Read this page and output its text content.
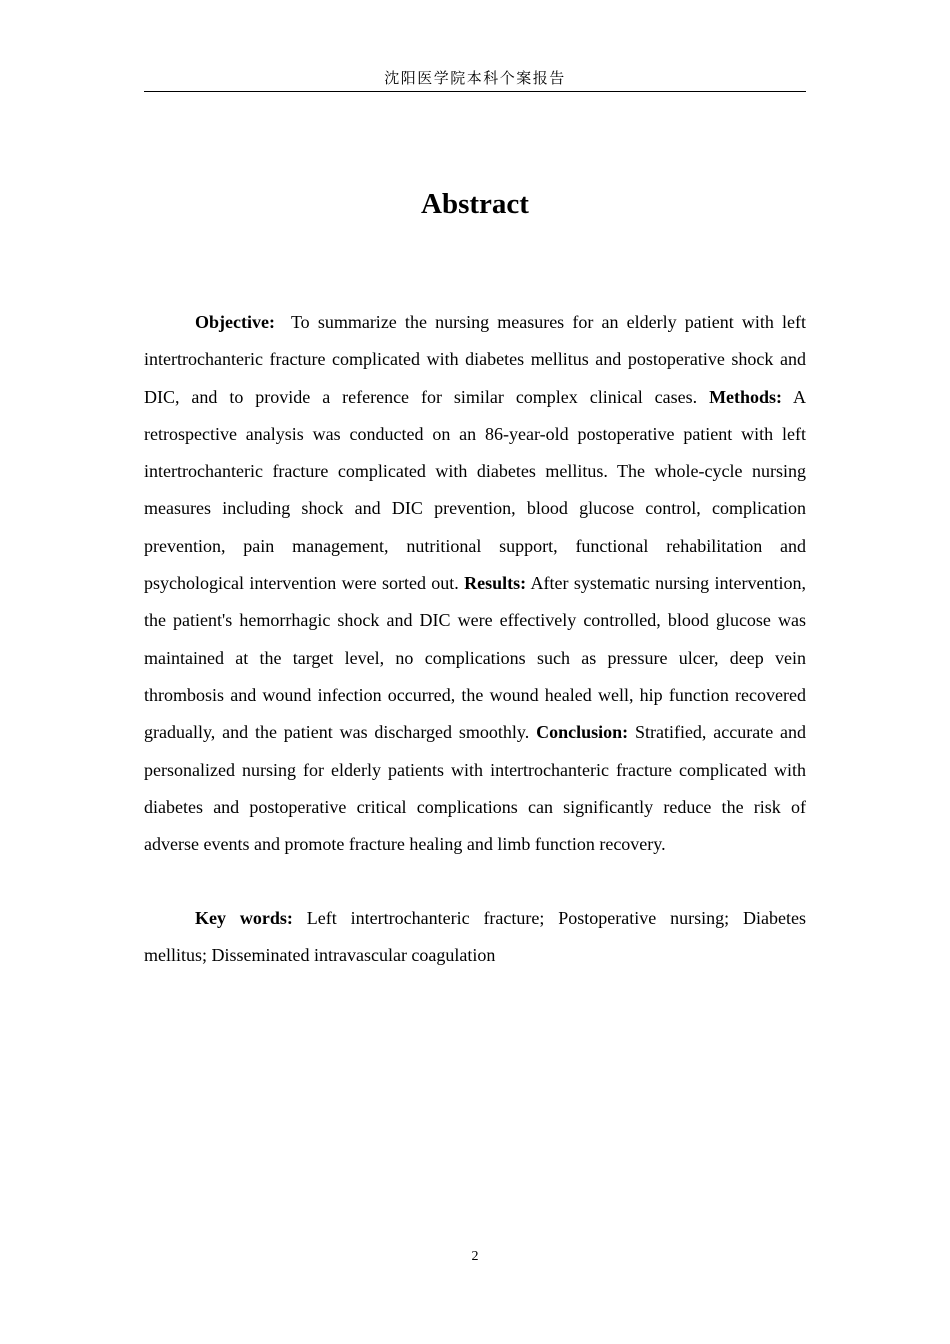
沈阳医学院本科个案报告
Abstract

Objective: To summarize the nursing measures for an elderly patient with left intertrochanteric fracture complicated with diabetes mellitus and postoperative shock and DIC, and to provide a reference for similar complex clinical cases. Methods: A retrospective analysis was conducted on an 86-year-old postoperative patient with left intertrochanteric fracture complicated with diabetes mellitus. The whole-cycle nursing measures including shock and DIC prevention, blood glucose control, complication prevention, pain management, nutritional support, functional rehabilitation and psychological intervention were sorted out. Results: After systematic nursing intervention, the patient's hemorrhagic shock and DIC were effectively controlled, blood glucose was maintained at the target level, no complications such as pressure ulcer, deep vein thrombosis and wound infection occurred, the wound healed well, hip function recovered gradually, and the patient was discharged smoothly. Conclusion: Stratified, accurate and personalized nursing for elderly patients with intertrochanteric fracture complicated with diabetes and postoperative critical complications can significantly reduce the risk of adverse events and promote fracture healing and limb function recovery.

Key words: Left intertrochanteric fracture; Postoperative nursing; Diabetes mellitus; Disseminated intravascular coagulation

2
